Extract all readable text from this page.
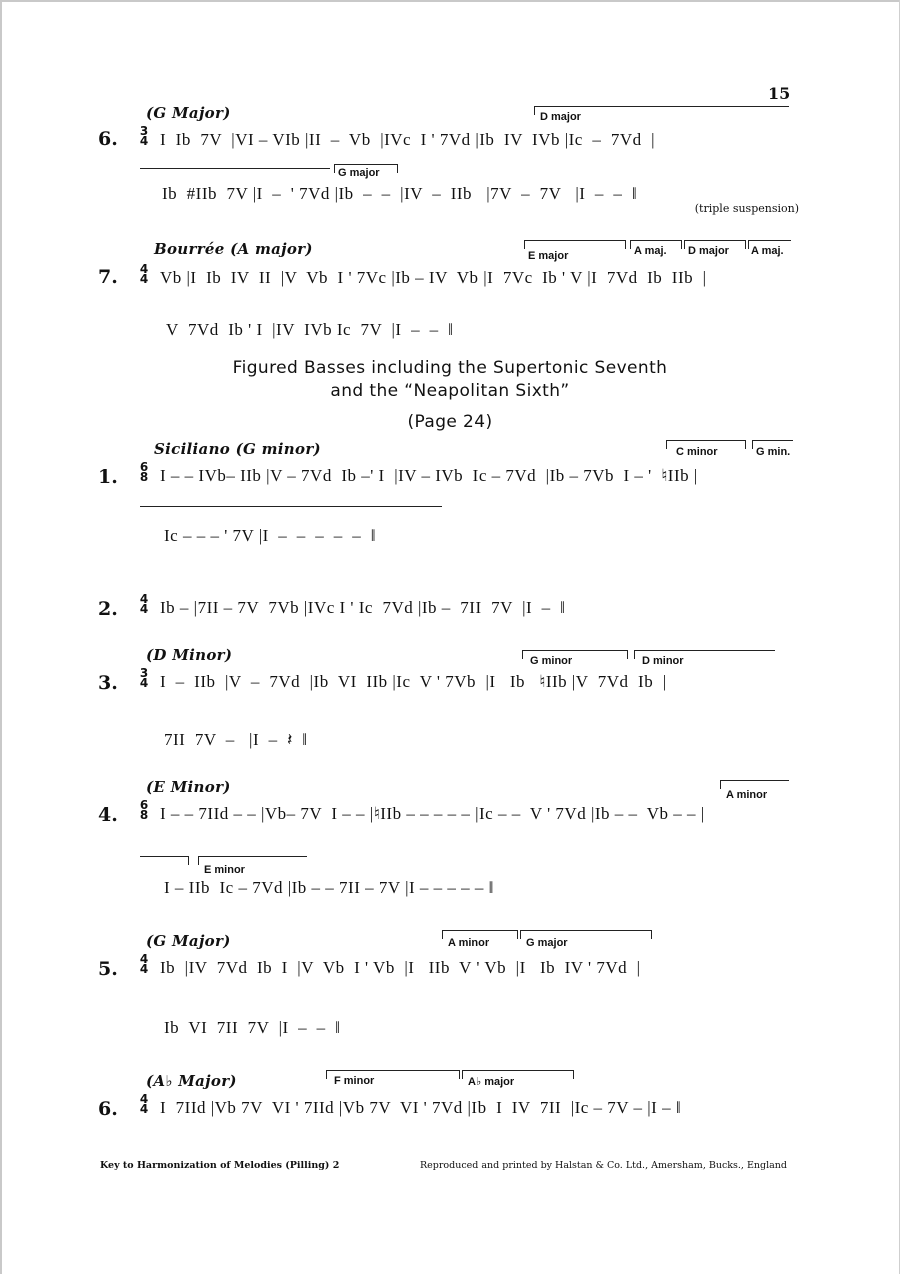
15
(G Major)
6. 3
4
D major
I  Ib  7V  |VI – VIb |II  –  Vb  |IVc  I ' 7Vd |Ib  IV  IVb |Ic  –  7Vd  |
G major
Ib  #IIb  7V |I  –  ' 7Vd |Ib  –  –  |IV  –  IIb   |7V  –  7V   |I  –  –  ‖
(triple suspension)
Bourrée (A major)
7. 4
4
E major	A maj. D major A maj.
Vb |I  Ib  IV  II  |V  Vb  I ' 7Vc |Ib – IV  Vb |I  7Vc  Ib ' V |I  7Vd  Ib  IIb  |
V  7Vd  Ib ' I  |IV  IVb Ic  7V  |I  –  –  ‖
Figured Basses including the Supertonic Seventh
and the “Neapolitan Sixth”
(Page 24)
Siciliano (G minor)
1. 6
8
C minor	G min.
I – – IVb– IIb |V – 7Vd  Ib –' I  |IV – IVb  Ic – 7Vd  |Ib – 7Vb  I – '  ♮IIb |
Ic – – – ' 7V |I  –  –  –  –  –  ‖
2. 4
4 Ib – |7II – 7V  7Vb |IVc I ' Ic  7Vd |Ib –  7II  7V  |I  –  ‖
(D Minor)
3. 3
4
G minor	D minor
I  –  IIb  |V  –  7Vd  |Ib  VI  IIb |Ic  V ' 7Vb  |I   Ib   ♮IIb |V  7Vd  Ib  |
7II  7V  –   |I  –  𝄽  ‖
(E Minor)
4. 6
8
A minor
I – – 7IId – – |Vb– 7V  I – – |♮IIb – – – – – |Ic – –  V ' 7Vd |Ib – –  Vb – – |
E minor
I – IIb  Ic – 7Vd |Ib – – 7II – 7V |I – – – – – ‖
(G Major)
5. 4
4
A minor	G major
Ib  |IV  7Vd  Ib  I  |V  Vb  I ' Vb  |I   IIb  V ' Vb  |I   Ib  IV ' 7Vd  |
Ib  VI  7II  7V  |I  –  –  ‖
(A♭ Major)
6. 4
4
F minor	A♭ major
I  7IId |Vb 7V  VI ' 7IId |Vb 7V  VI ' 7Vd |Ib  I  IV  7II  |Ic – 7V – |I – ‖
Key to Harmonization of Melodies (Pilling) 2	Reproduced and printed by Halstan & Co. Ltd., Amersham, Bucks., England
